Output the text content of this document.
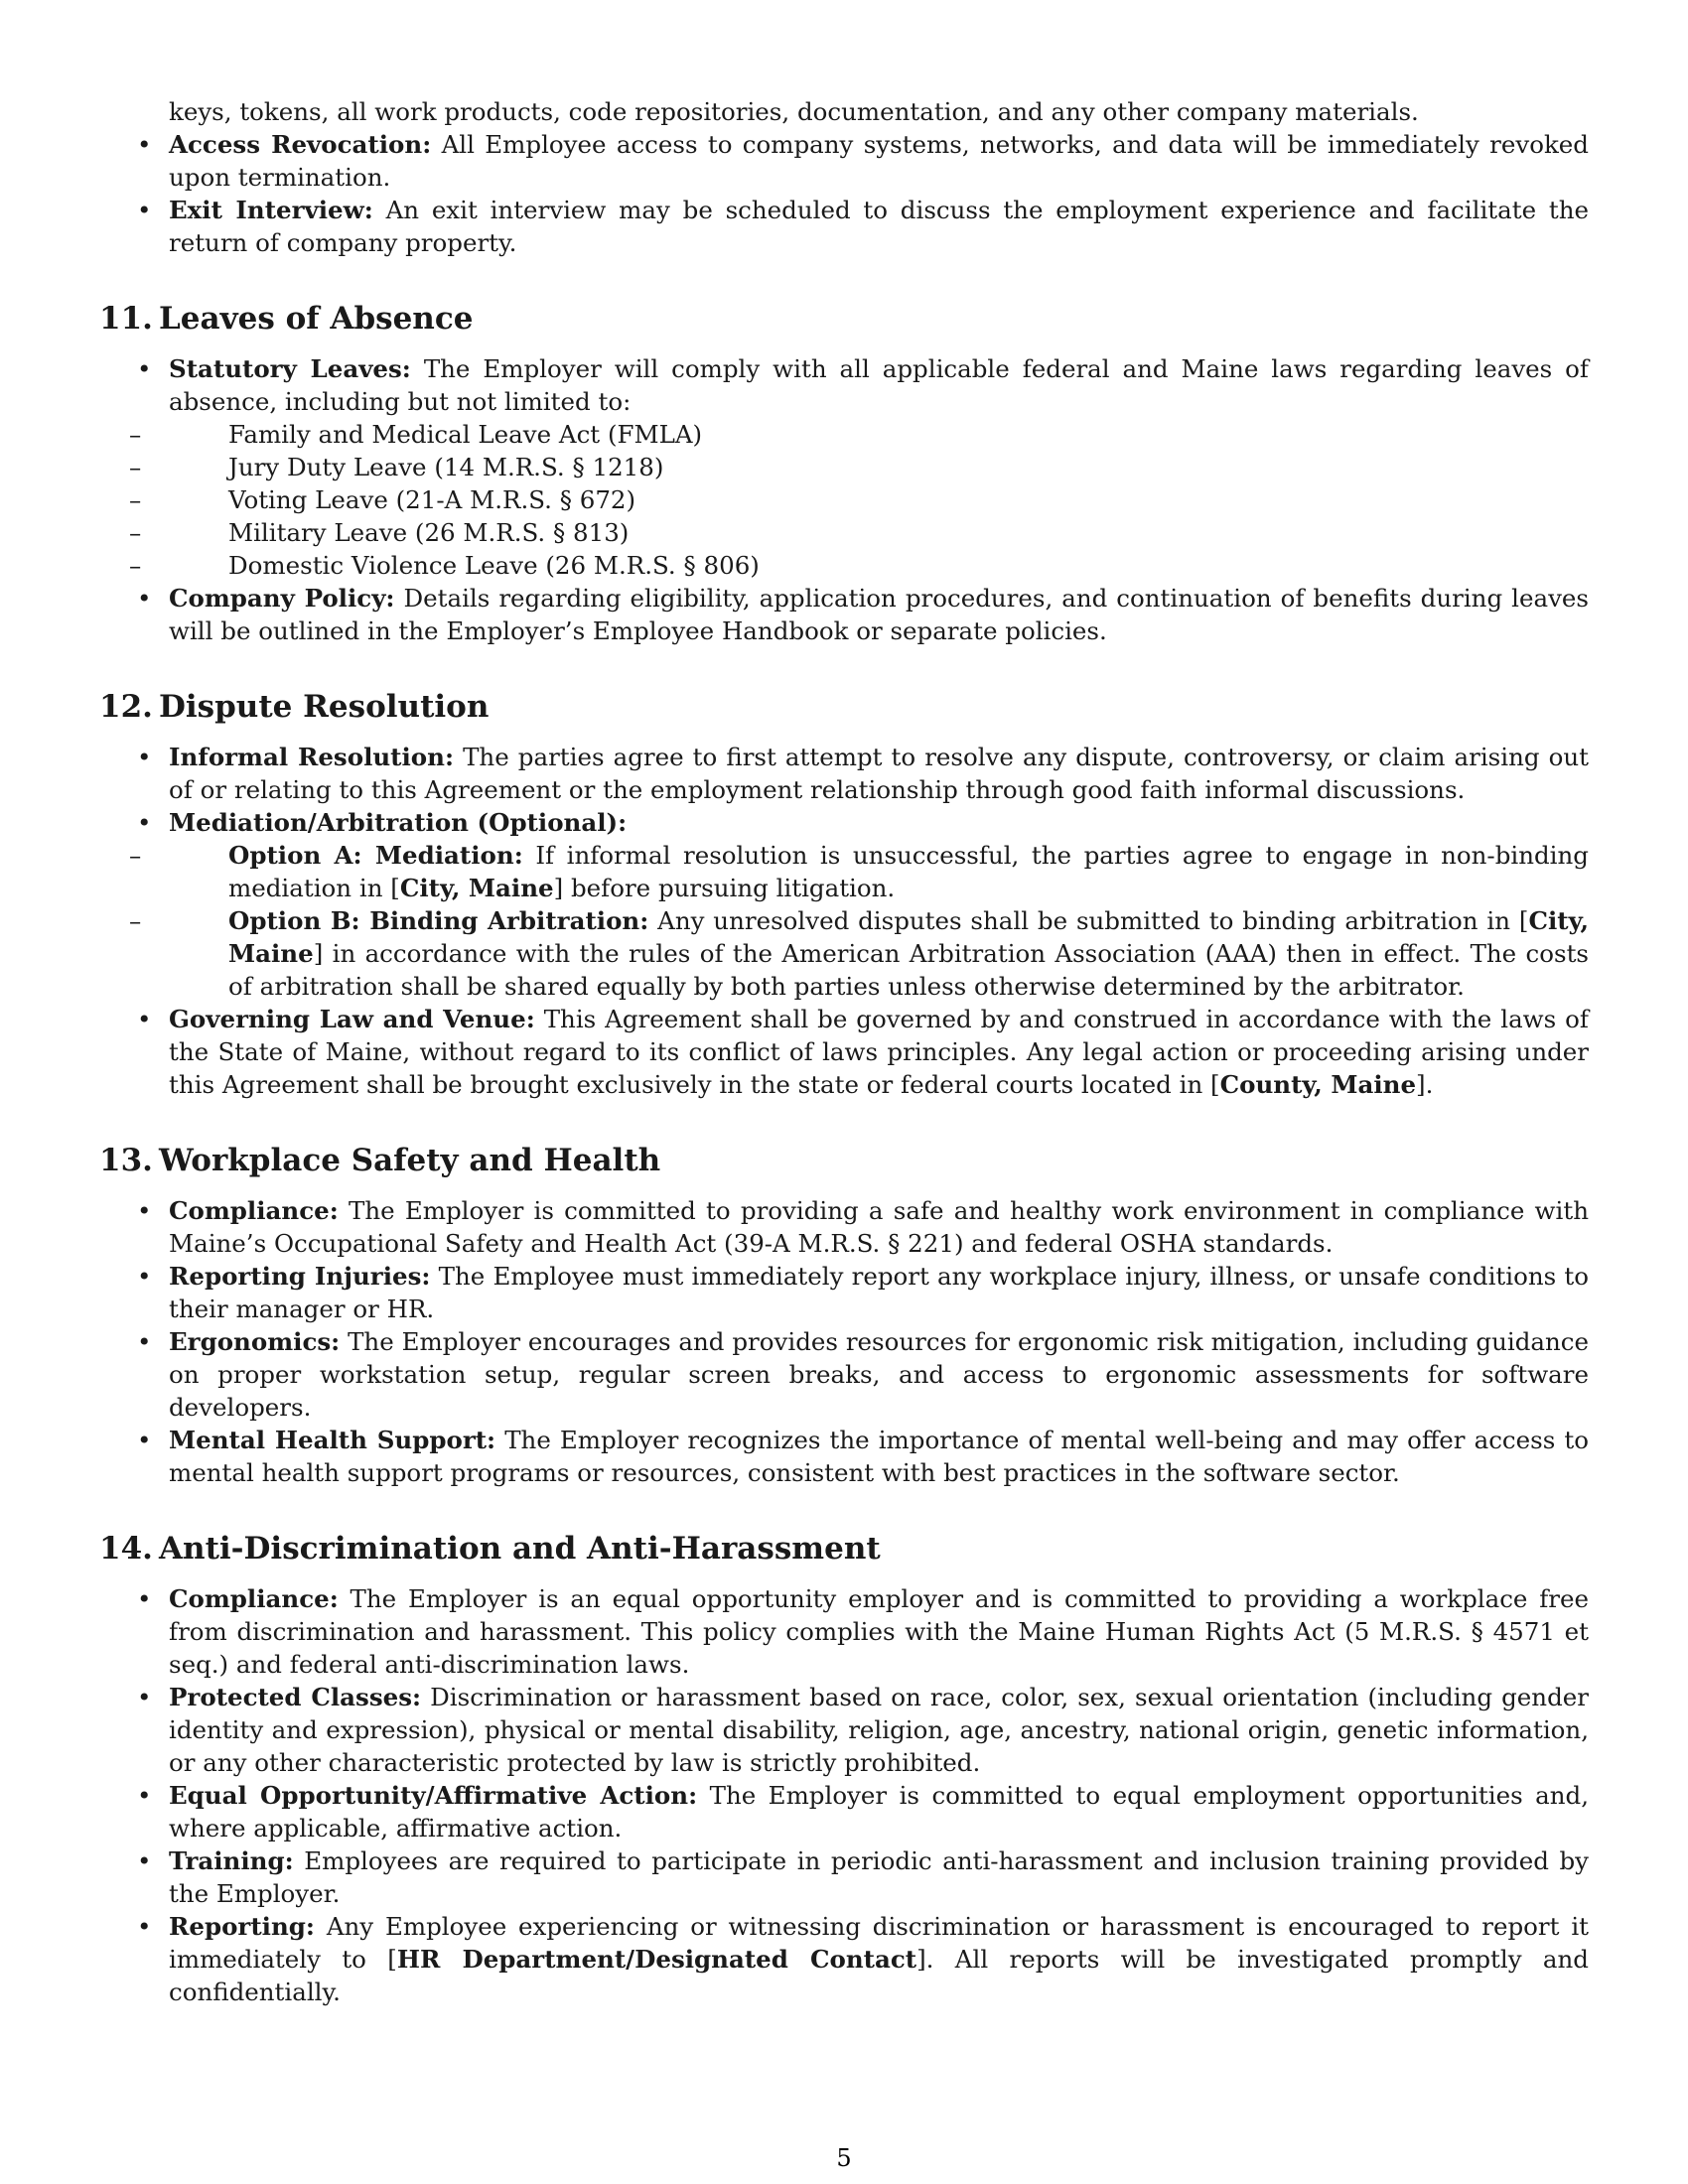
keys, tokens, all work products, code repositories, documentation, and any other company materials.
• Access Revocation: All Employee access to company systems, networks, and data will be immediately revoked upon termination.
• Exit Interview: An exit interview may be scheduled to discuss the employment experience and facilitate the return of company property.
11. Leaves of Absence
• Statutory Leaves: The Employer will comply with all applicable federal and Maine laws regarding leaves of absence, including but not limited to:
– Family and Medical Leave Act (FMLA)
– Jury Duty Leave (14 M.R.S. § 1218)
– Voting Leave (21-A M.R.S. § 672)
– Military Leave (26 M.R.S. § 813)
– Domestic Violence Leave (26 M.R.S. § 806)
• Company Policy: Details regarding eligibility, application procedures, and continuation of benefits during leaves will be outlined in the Employer’s Employee Handbook or separate policies.
12. Dispute Resolution
• Informal Resolution: The parties agree to first attempt to resolve any dispute, controversy, or claim arising out of or relating to this Agreement or the employment relationship through good faith informal discussions.
• Mediation/Arbitration (Optional):
– Option A: Mediation: If informal resolution is unsuccessful, the parties agree to engage in non-binding mediation in [City, Maine] before pursuing litigation.
– Option B: Binding Arbitration: Any unresolved disputes shall be submitted to binding arbitration in [City, Maine] in accordance with the rules of the American Arbitration Association (AAA) then in effect. The costs of arbitration shall be shared equally by both parties unless otherwise determined by the arbitrator.
• Governing Law and Venue: This Agreement shall be governed by and construed in accordance with the laws of the State of Maine, without regard to its conflict of laws principles. Any legal action or proceeding arising under this Agreement shall be brought exclusively in the state or federal courts located in [County, Maine].
13. Workplace Safety and Health
• Compliance: The Employer is committed to providing a safe and healthy work environment in compliance with Maine’s Occupational Safety and Health Act (39-A M.R.S. § 221) and federal OSHA standards.
• Reporting Injuries: The Employee must immediately report any workplace injury, illness, or unsafe conditions to their manager or HR.
• Ergonomics: The Employer encourages and provides resources for ergonomic risk mitigation, including guidance on proper workstation setup, regular screen breaks, and access to ergonomic assessments for software developers.
• Mental Health Support: The Employer recognizes the importance of mental well-being and may offer access to mental health support programs or resources, consistent with best practices in the software sector.
14. Anti-Discrimination and Anti-Harassment
• Compliance: The Employer is an equal opportunity employer and is committed to providing a workplace free from discrimination and harassment. This policy complies with the Maine Human Rights Act (5 M.R.S. § 4571 et seq.) and federal anti-discrimination laws.
• Protected Classes: Discrimination or harassment based on race, color, sex, sexual orientation (including gender identity and expression), physical or mental disability, religion, age, ancestry, national origin, genetic information, or any other characteristic protected by law is strictly prohibited.
• Equal Opportunity/Affirmative Action: The Employer is committed to equal employment opportunities and, where applicable, affirmative action.
• Training: Employees are required to participate in periodic anti-harassment and inclusion training provided by the Employer.
• Reporting: Any Employee experiencing or witnessing discrimination or harassment is encouraged to report it immediately to [HR Department/Designated Contact]. All reports will be investigated promptly and confidentially.
5
